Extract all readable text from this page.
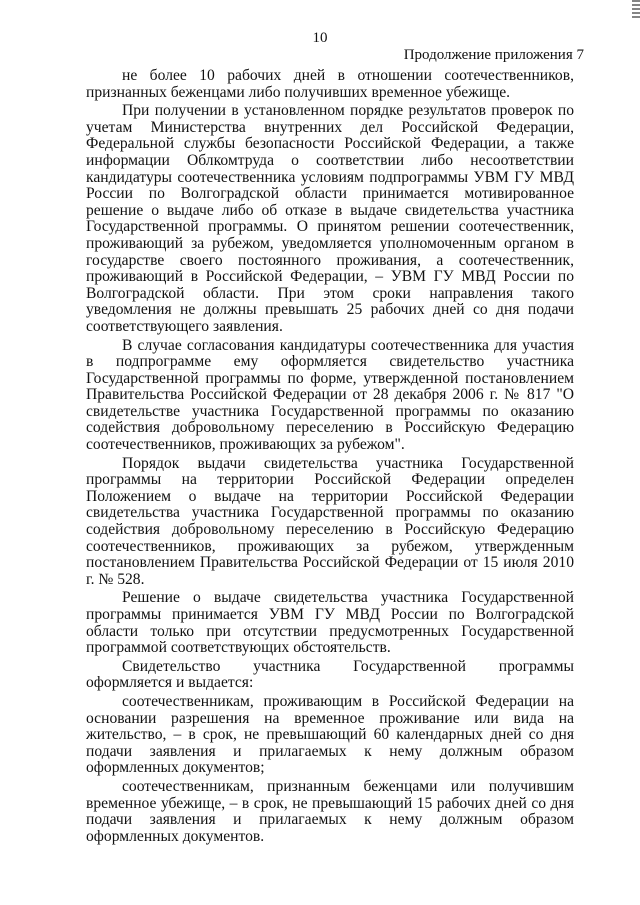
10
Продолжение приложения 7

не более 10 рабочих дней в отношении соотечественников, признанных беженцами либо получивших временное убежище.

При получении в установленном порядке результатов проверок по учетам Министерства внутренних дел Российской Федерации, Федеральной службы безопасности Российской Федерации, а также информации Облкомтруда о соответствии либо несоответствии кандидатуры соотечественника условиям подпрограммы УВМ ГУ МВД России по Волгоградской области принимается мотивированное решение о выдаче либо об отказе в выдаче свидетельства участника Государственной программы. О принятом решении соотечественник, проживающий за рубежом, уведомляется уполномоченным органом в государстве своего постоянного проживания, а соотечественник, проживающий в Российской Федерации, – УВМ ГУ МВД России по Волгоградской области. При этом сроки направления такого уведомления не должны превышать 25 рабочих дней со дня подачи соответствующего заявления.

В случае согласования кандидатуры соотечественника для участия в подпрограмме ему оформляется свидетельство участника Государственной программы по форме, утвержденной постановлением Правительства Российской Федерации от 28 декабря 2006 г. № 817 "О свидетельстве участника Государственной программы по оказанию содействия добровольному переселению в Российскую Федерацию соотечественников, проживающих за рубежом".

Порядок выдачи свидетельства участника Государственной программы на территории Российской Федерации определен Положением о выдаче на территории Российской Федерации свидетельства участника Государственной программы по оказанию содействия добровольному переселению в Российскую Федерацию соотечественников, проживающих за рубежом, утвержденным постановлением Правительства Российской Федерации от 15 июля 2010 г. № 528.

Решение о выдаче свидетельства участника Государственной программы принимается УВМ ГУ МВД России по Волгоградской области только при отсутствии предусмотренных Государственной программой соответствующих обстоятельств.

Свидетельство участника Государственной программы оформляется и выдается:

соотечественникам, проживающим в Российской Федерации на основании разрешения на временное проживание или вида на жительство, – в срок, не превышающий 60 календарных дней со дня подачи заявления и прилагаемых к нему должным образом оформленных документов;

соотечественникам, признанным беженцами или получившим временное убежище, – в срок, не превышающий 15 рабочих дней со дня подачи заявления и прилагаемых к нему должным образом оформленных документов.
